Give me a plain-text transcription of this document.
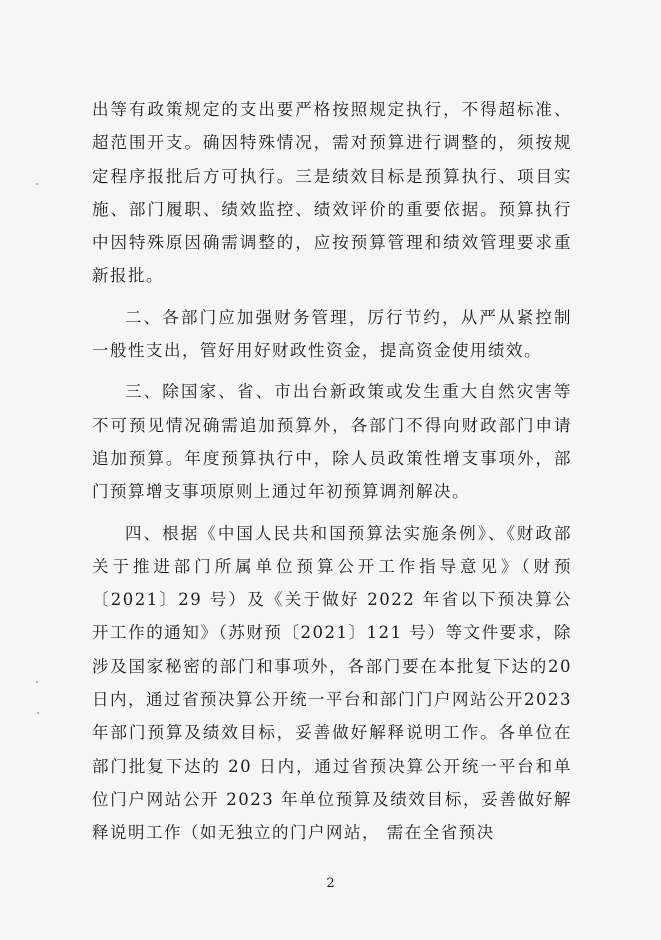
出等有政策规定的支出要严格按照规定执行，不得超标准、超范围开支。确因特殊情况，需对预算进行调整的，须按规定程序报批后方可执行。三是绩效目标是预算执行、项目实施、部门履职、绩效监控、绩效评价的重要依据。预算执行中因特殊原因确需调整的，应按预算管理和绩效管理要求重新报批。

二、各部门应加强财务管理，厉行节约，从严从紧控制一般性支出，管好用好财政性资金，提高资金使用绩效。

三、除国家、省、市出台新政策或发生重大自然灾害等不可预见情况确需追加预算外，各部门不得向财政部门申请追加预算。年度预算执行中，除人员政策性增支事项外，部门预算增支事项原则上通过年初预算调剂解决。

四、根据《中国人民共和国预算法实施条例》、《财政部关于推进部门所属单位预算公开工作指导意见》（财预〔2021〕29 号）及《关于做好 2022 年省以下预决算公开工作的通知》（苏财预〔2021〕121 号）等文件要求，除涉及国家秘密的部门和事项外，各部门要在本批复下达的20 日内，通过省预决算公开统一平台和部门门户网站公开2023 年部门预算及绩效目标，妥善做好解释说明工作。各单位在部门批复下达的 20 日内，通过省预决算公开统一平台和单位门户网站公开 2023 年单位预算及绩效目标，妥善做好解释说明工作（如无独立的门户网站， 需在全省预决

2
